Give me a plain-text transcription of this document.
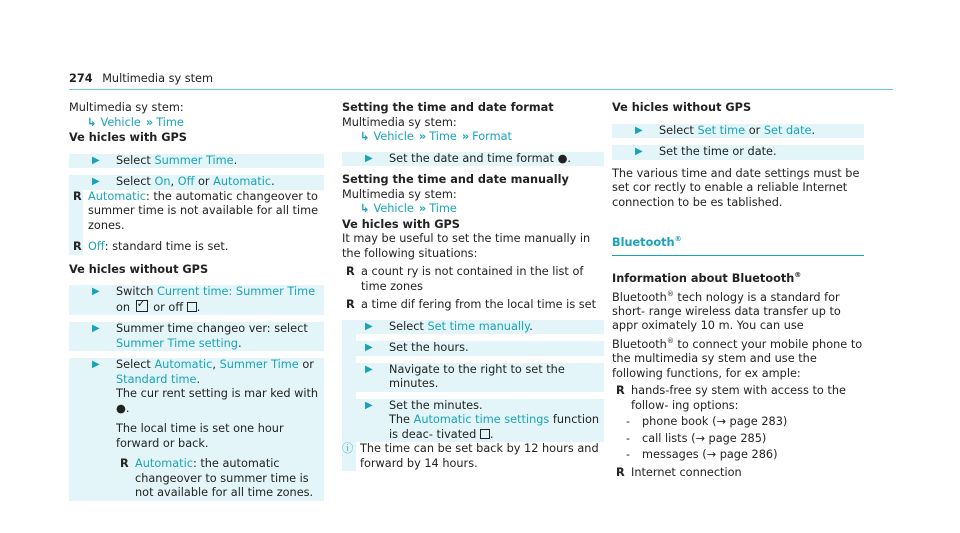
274 Multimedia sy stem
Multimedia sy stem:
↳ Vehicle » Time
Ve hicles with GPS
▶ Select Summer Time.
▶ Select On, Off or Automatic.
R Automatic: the automatic changeover to summer time is not available for all time zones.
R Off: standard time is set.
Ve hicles without GPS
▶ Switch Current time: Summer Time on ✓ or off .
▶ Summer time changeo ver: select Summer Time setting.
▶ Select Automatic, Summer Time or Standard time.
The cur rent setting is mar ked with ●.
The local time is set one hour forward or back.
R Automatic: the automatic changeover to summer time is not available for all time zones.
Setting the time and date format
Multimedia sy stem:
↳ Vehicle » Time » Format
▶ Set the date and time format ●.
Setting the time and date manually
Multimedia sy stem:
↳ Vehicle » Time
Ve hicles with GPS
It may be useful to set the time manually in the following situations:
R a count ry is not contained in the list of time zones
R a time dif fering from the local time is set
▶ Select Set time manually.
▶ Set the hours.
▶ Navigate to the right to set the minutes.
▶ Set the minutes.
The Automatic time settings function is deac‐ tivated .
ⓘ The time can be set back by 12 hours and forward by 14 hours.
Ve hicles without GPS
▶ Select Set time or Set date.
▶ Set the time or date.
The various time and date settings must be set cor rectly to enable a reliable Internet connection to be es tablished.
Bluetooth®
Information about Bluetooth®
Bluetooth® tech nology is a standard for short- range wireless data transfer up to appr oximately 10 m. You can use Bluetooth® to connect your mobile phone to the multimedia sy stem and use the following functions, for ex ample:
R hands-free sy stem with access to the follow‐ ing options:
- phone book (→ page 283)
- call lists (→ page 285)
- messages (→ page 286)
R Internet connection
